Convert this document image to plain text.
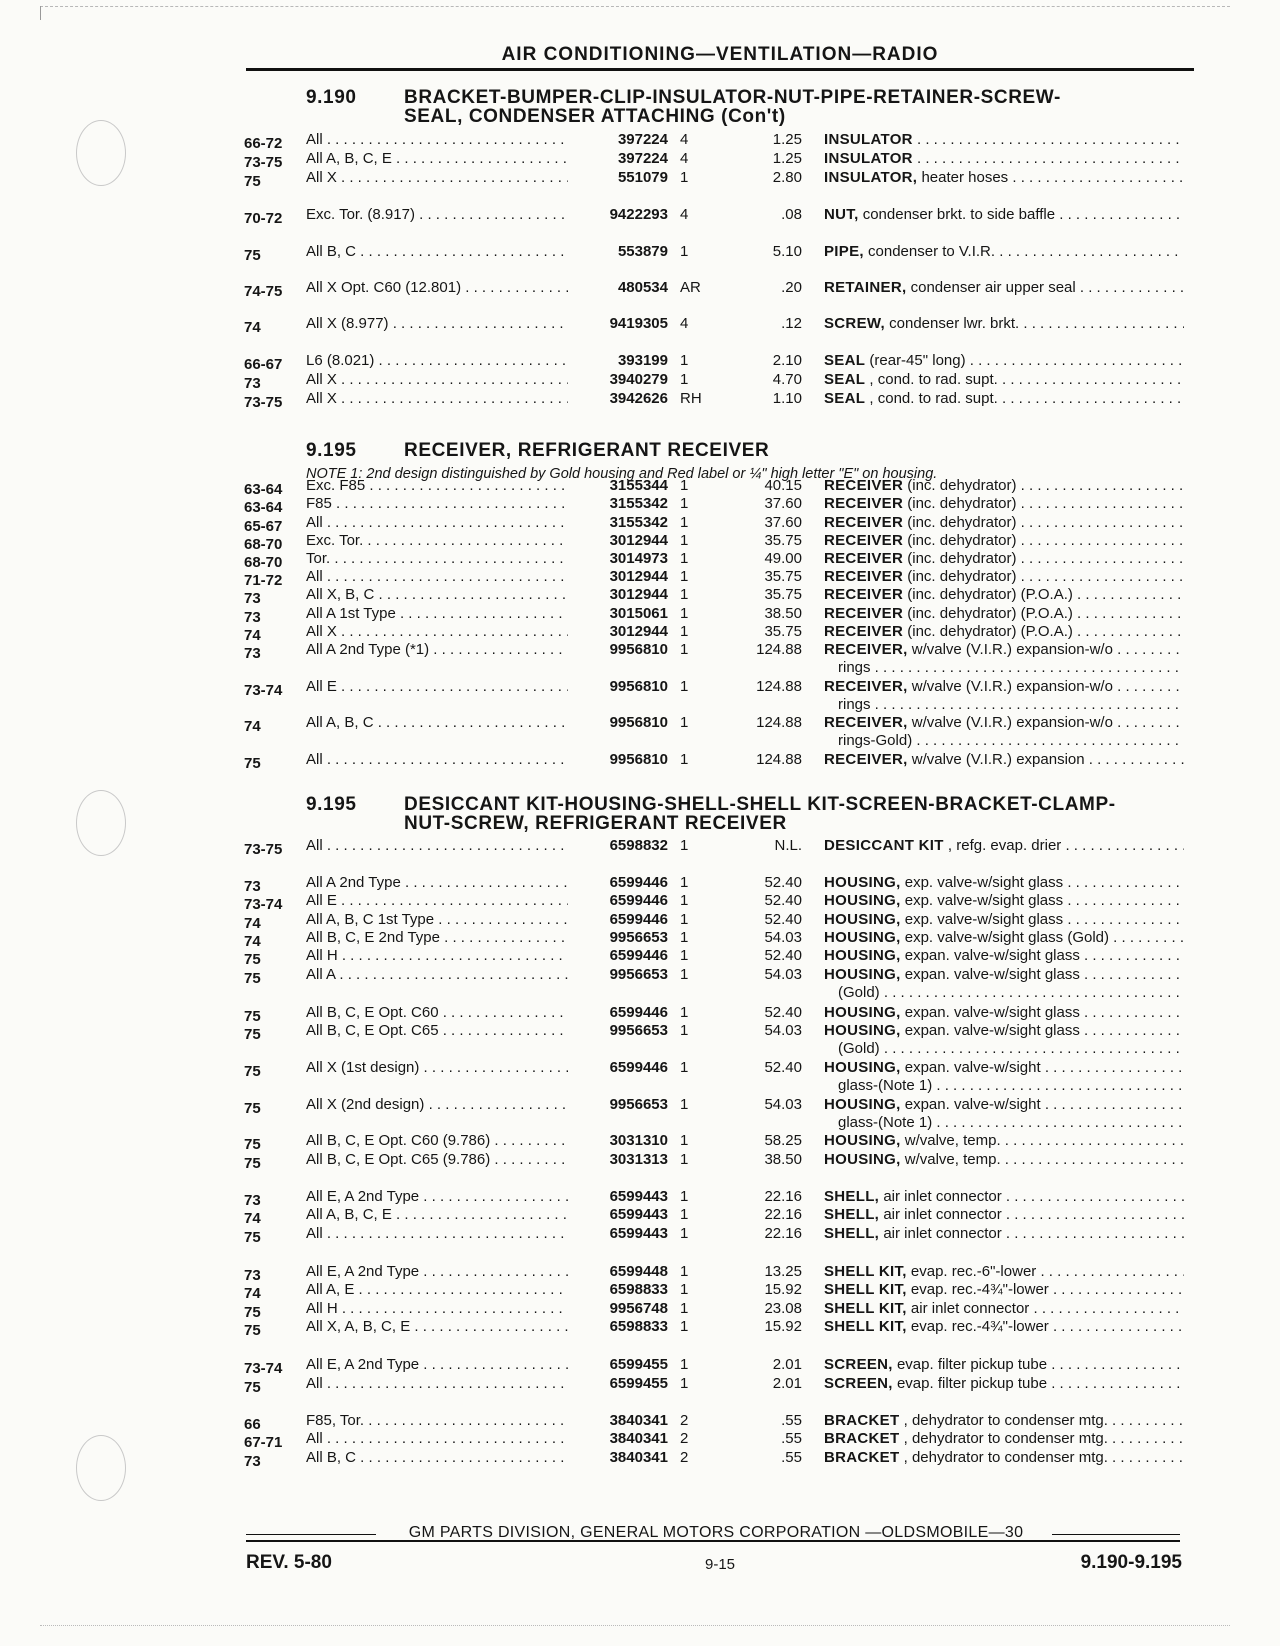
AIR CONDITIONING—VENTILATION—RADIO
9.190	BRACKET-BUMPER-CLIP-INSULATOR-NUT-PIPE-RETAINER-SCREW-
SEAL, CONDENSER ATTACHING (Con't)
66-72	All . . .	397224 4	1.25 INSULATOR . . .
73-75	All A, B, C, E . . .	397224 4	1.25 INSULATOR . . .
75	All X . . .	551079 1	2.80 INSULATOR, heater hoses . . .
70-72	Exc. Tor. (8.917) . . .	9422293 4	.08 NUT, condenser brkt. to side baffle . . .
75	All B, C . . .	553879 1	5.10 PIPE, condenser to V.I.R. . . .
74-75	All X Opt. C60 (12.801) . . .	480534 AR	.20 RETAINER, condenser air upper seal . . .
74	All X (8.977) . . .	9419305 4	.12 SCREW, condenser lwr. brkt. . . .
66-67	L6 (8.021) . . .	393199 1	2.10 SEAL (rear-45" long) . . .
73	All X . . .	3940279 1	4.70 SEAL , cond. to rad. supt. . . .
73-75	All X . . .	3942626 RH	1.10 SEAL , cond. to rad. supt. . . .
9.195	RECEIVER, REFRIGERANT RECEIVER
NOTE 1: 2nd design distinguished by Gold housing and Red label or ¼" high letter "E" on housing.
63-64	Exc. F85 . . .	3155344 1	40.15 RECEIVER (inc. dehydrator) . . .
63-64	F85 . . .	3155342 1	37.60 RECEIVER (inc. dehydrator) . . .
65-67	All . . .	3155342 1	37.60 RECEIVER (inc. dehydrator) . . .
68-70	Exc. Tor. . . .	3012944 1	35.75 RECEIVER (inc. dehydrator) . . .
68-70	Tor. . . .	3014973 1	49.00 RECEIVER (inc. dehydrator) . . .
71-72	All . . .	3012944 1	35.75 RECEIVER (inc. dehydrator) . . .
73	All X, B, C . . .	3012944 1	35.75 RECEIVER (inc. dehydrator) (P.O.A.) . . .
73	All A 1st Type . . .	3015061 1	38.50 RECEIVER (inc. dehydrator) (P.O.A.) . . .
74	All X . . .	3012944 1	35.75 RECEIVER (inc. dehydrator) (P.O.A.) . . .
73	All A 2nd Type (*1) . . .	9956810 1	124.88 RECEIVER, w/valve (V.I.R.) expansion-w/o . . .
rings . . .
73-74	All E . . .	9956810 1	124.88 RECEIVER, w/valve (V.I.R.) expansion-w/o . . .
rings . . .
74	All A, B, C . . .	9956810 1	124.88 RECEIVER, w/valve (V.I.R.) expansion-w/o . . .
rings-Gold) . . .
75	All . . .	9956810 1	124.88 RECEIVER, w/valve (V.I.R.) expansion . . .
9.195	DESICCANT KIT-HOUSING-SHELL-SHELL KIT-SCREEN-BRACKET-CLAMP-
NUT-SCREW, REFRIGERANT RECEIVER
73-75	All . . .	6598832 1	N.L. DESICCANT KIT , refg. evap. drier . . .
73	All A 2nd Type . . .	6599446 1	52.40 HOUSING, exp. valve-w/sight glass . . .
73-74	All E . . .	6599446 1	52.40 HOUSING, exp. valve-w/sight glass . . .
74	All A, B, C 1st Type . . .	6599446 1	52.40 HOUSING, exp. valve-w/sight glass . . .
74	All B, C, E 2nd Type . . .	9956653 1	54.03 HOUSING, exp. valve-w/sight glass (Gold) . . .
75	All H . . .	6599446 1	52.40 HOUSING, expan. valve-w/sight glass . . .
75	All A . . .	9956653 1	54.03 HOUSING, expan. valve-w/sight glass . . .
(Gold) . . .
75	All B, C, E Opt. C60 . . .	6599446 1	52.40 HOUSING, expan. valve-w/sight glass . . .
75	All B, C, E Opt. C65 . . .	9956653 1	54.03 HOUSING, expan. valve-w/sight glass . . .
(Gold) . . .
75	All X (1st design) . . .	6599446 1	52.40 HOUSING, expan. valve-w/sight . . .
glass-(Note 1) . . .
75	All X (2nd design) . . .	9956653 1	54.03 HOUSING, expan. valve-w/sight . . .
glass-(Note 1) . . .
75	All B, C, E Opt. C60 (9.786) . . .	3031310 1	58.25 HOUSING, w/valve, temp. . . .
75	All B, C, E Opt. C65 (9.786) . . .	3031313 1	38.50 HOUSING, w/valve, temp. . . .
73	All E, A 2nd Type . . .	6599443 1	22.16 SHELL, air inlet connector . . .
74	All A, B, C, E . . .	6599443 1	22.16 SHELL, air inlet connector . . .
75	All . . .	6599443 1	22.16 SHELL, air inlet connector . . .
73	All E, A 2nd Type . . .	6599448 1	13.25 SHELL KIT, evap. rec.-6"-lower . . .
74	All A, E . . .	6598833 1	15.92 SHELL KIT, evap. rec.-4¾"-lower . . .
75	All H . . .	9956748 1	23.08 SHELL KIT, air inlet connector . . .
75	All X, A, B, C, E . . .	6598833 1	15.92 SHELL KIT, evap. rec.-4¾"-lower . . .
73-74	All E, A 2nd Type . . .	6599455 1	2.01 SCREEN, evap. filter pickup tube . . .
75	All . . .	6599455 1	2.01 SCREEN, evap. filter pickup tube . . .
66	F85, Tor. . . .	3840341 2	.55 BRACKET , dehydrator to condenser mtg. . . .
67-71	All . . .	3840341 2	.55 BRACKET , dehydrator to condenser mtg. . . .
73	All B, C . . .	3840341 2	.55 BRACKET , dehydrator to condenser mtg. . . .
GM PARTS DIVISION, GENERAL MOTORS CORPORATION —OLDSMOBILE—30
REV. 5-80	9-15	9.190-9.195
